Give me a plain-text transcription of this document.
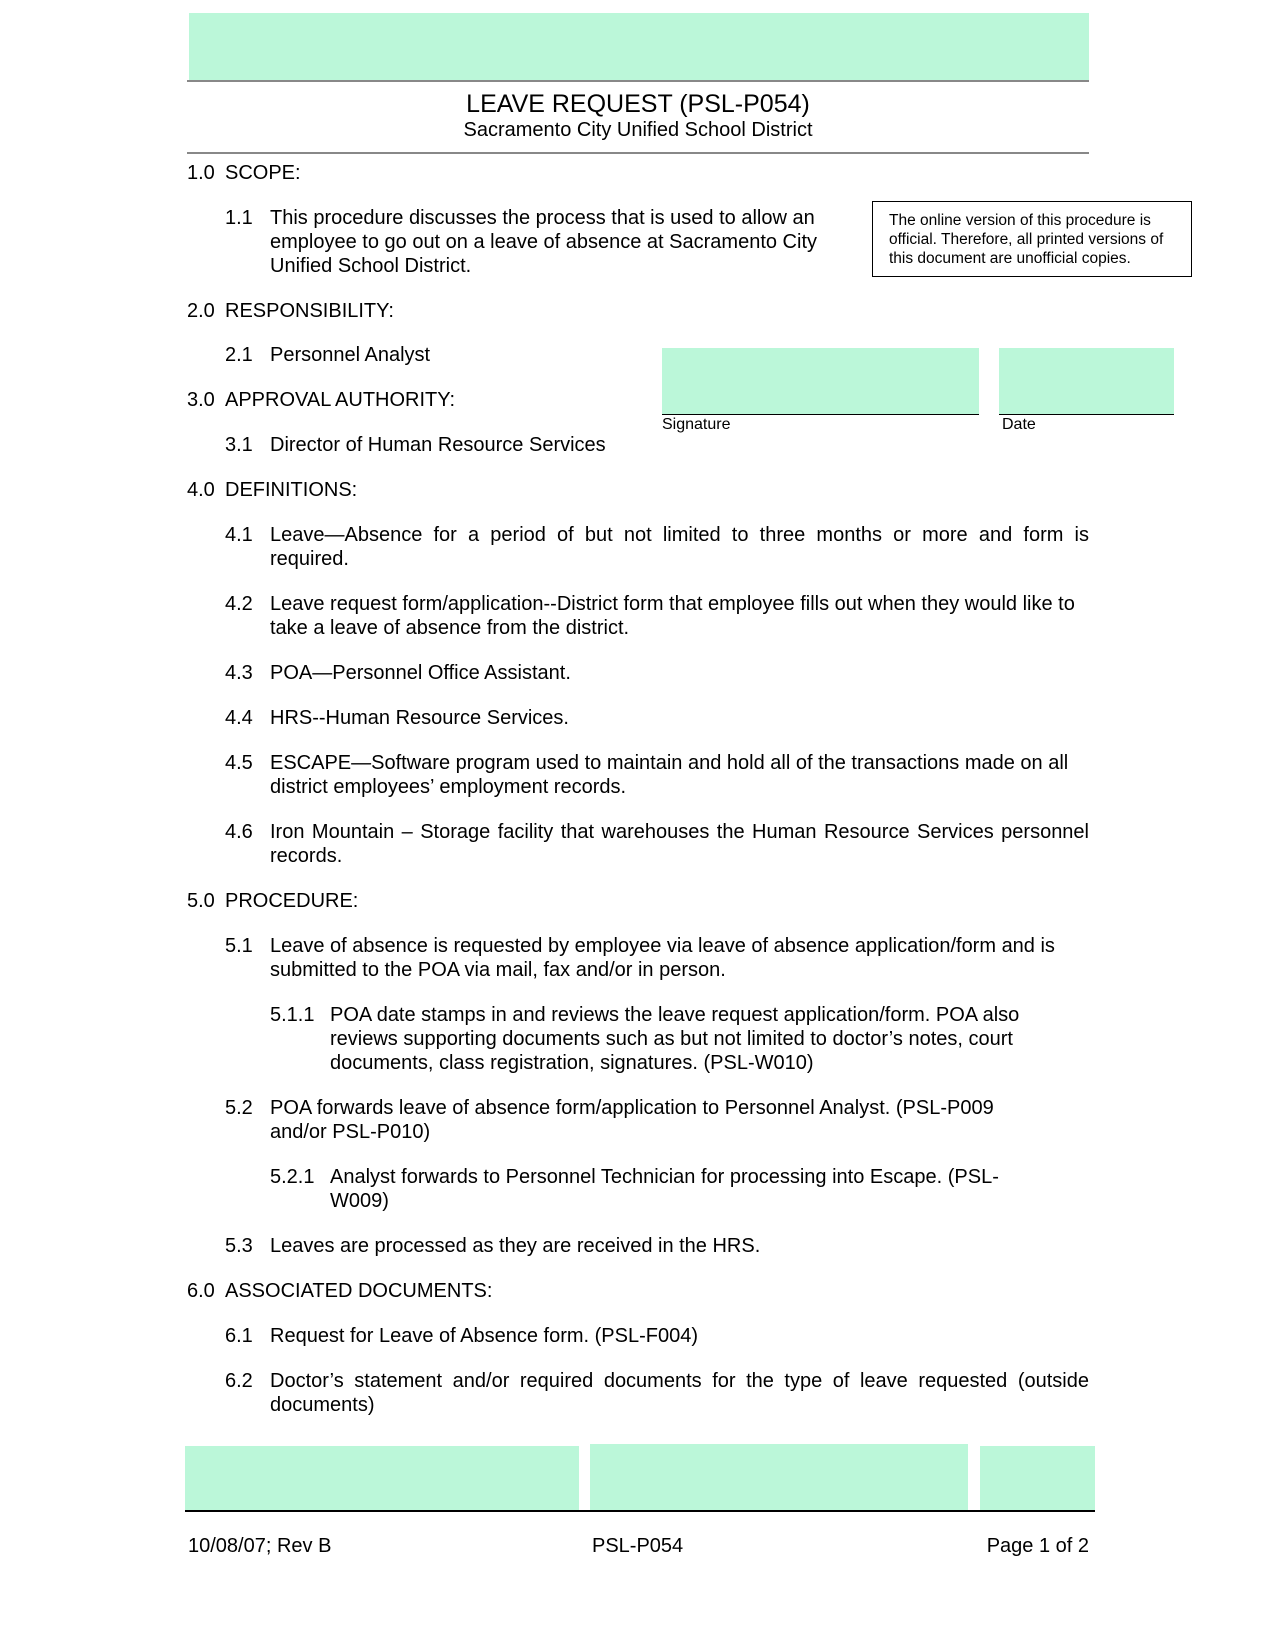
LEAVE REQUEST (PSL-P054)
Sacramento City Unified School District
The online version of this procedure is official. Therefore, all printed versions of this document are unofficial copies.
Signature	Date
1.0 SCOPE:
1.1 This procedure discusses the process that is used to allow an employee to go out on a leave of absence at Sacramento City Unified School District.
2.0 RESPONSIBILITY:
2.1 Personnel Analyst
3.0 APPROVAL AUTHORITY:
3.1 Director of Human Resource Services
4.0 DEFINITIONS:
4.1 Leave—Absence for a period of but not limited to three months or more and form is required.
4.2 Leave request form/application--District form that employee fills out when they would like to take a leave of absence from the district.
4.3 POA—Personnel Office Assistant.
4.4 HRS--Human Resource Services.
4.5 ESCAPE—Software program used to maintain and hold all of the transactions made on all district employees’ employment records.
4.6 Iron Mountain – Storage facility that warehouses the Human Resource Services personnel records.
5.0 PROCEDURE:
5.1 Leave of absence is requested by employee via leave of absence application/form and is submitted to the POA via mail, fax and/or in person.
5.1.1 POA date stamps in and reviews the leave request application/form. POA also reviews supporting documents such as but not limited to doctor’s notes, court documents, class registration, signatures. (PSL-W010)
5.2 POA forwards leave of absence form/application to Personnel Analyst. (PSL-P009 and/or PSL-P010)
5.2.1 Analyst forwards to Personnel Technician for processing into Escape. (PSL-W009)
5.3 Leaves are processed as they are received in the HRS.
6.0 ASSOCIATED DOCUMENTS:
6.1 Request for Leave of Absence form. (PSL-F004)
6.2 Doctor’s statement and/or required documents for the type of leave requested (outside documents)
10/08/07; Rev B	PSL-P054	Page 1 of 2
